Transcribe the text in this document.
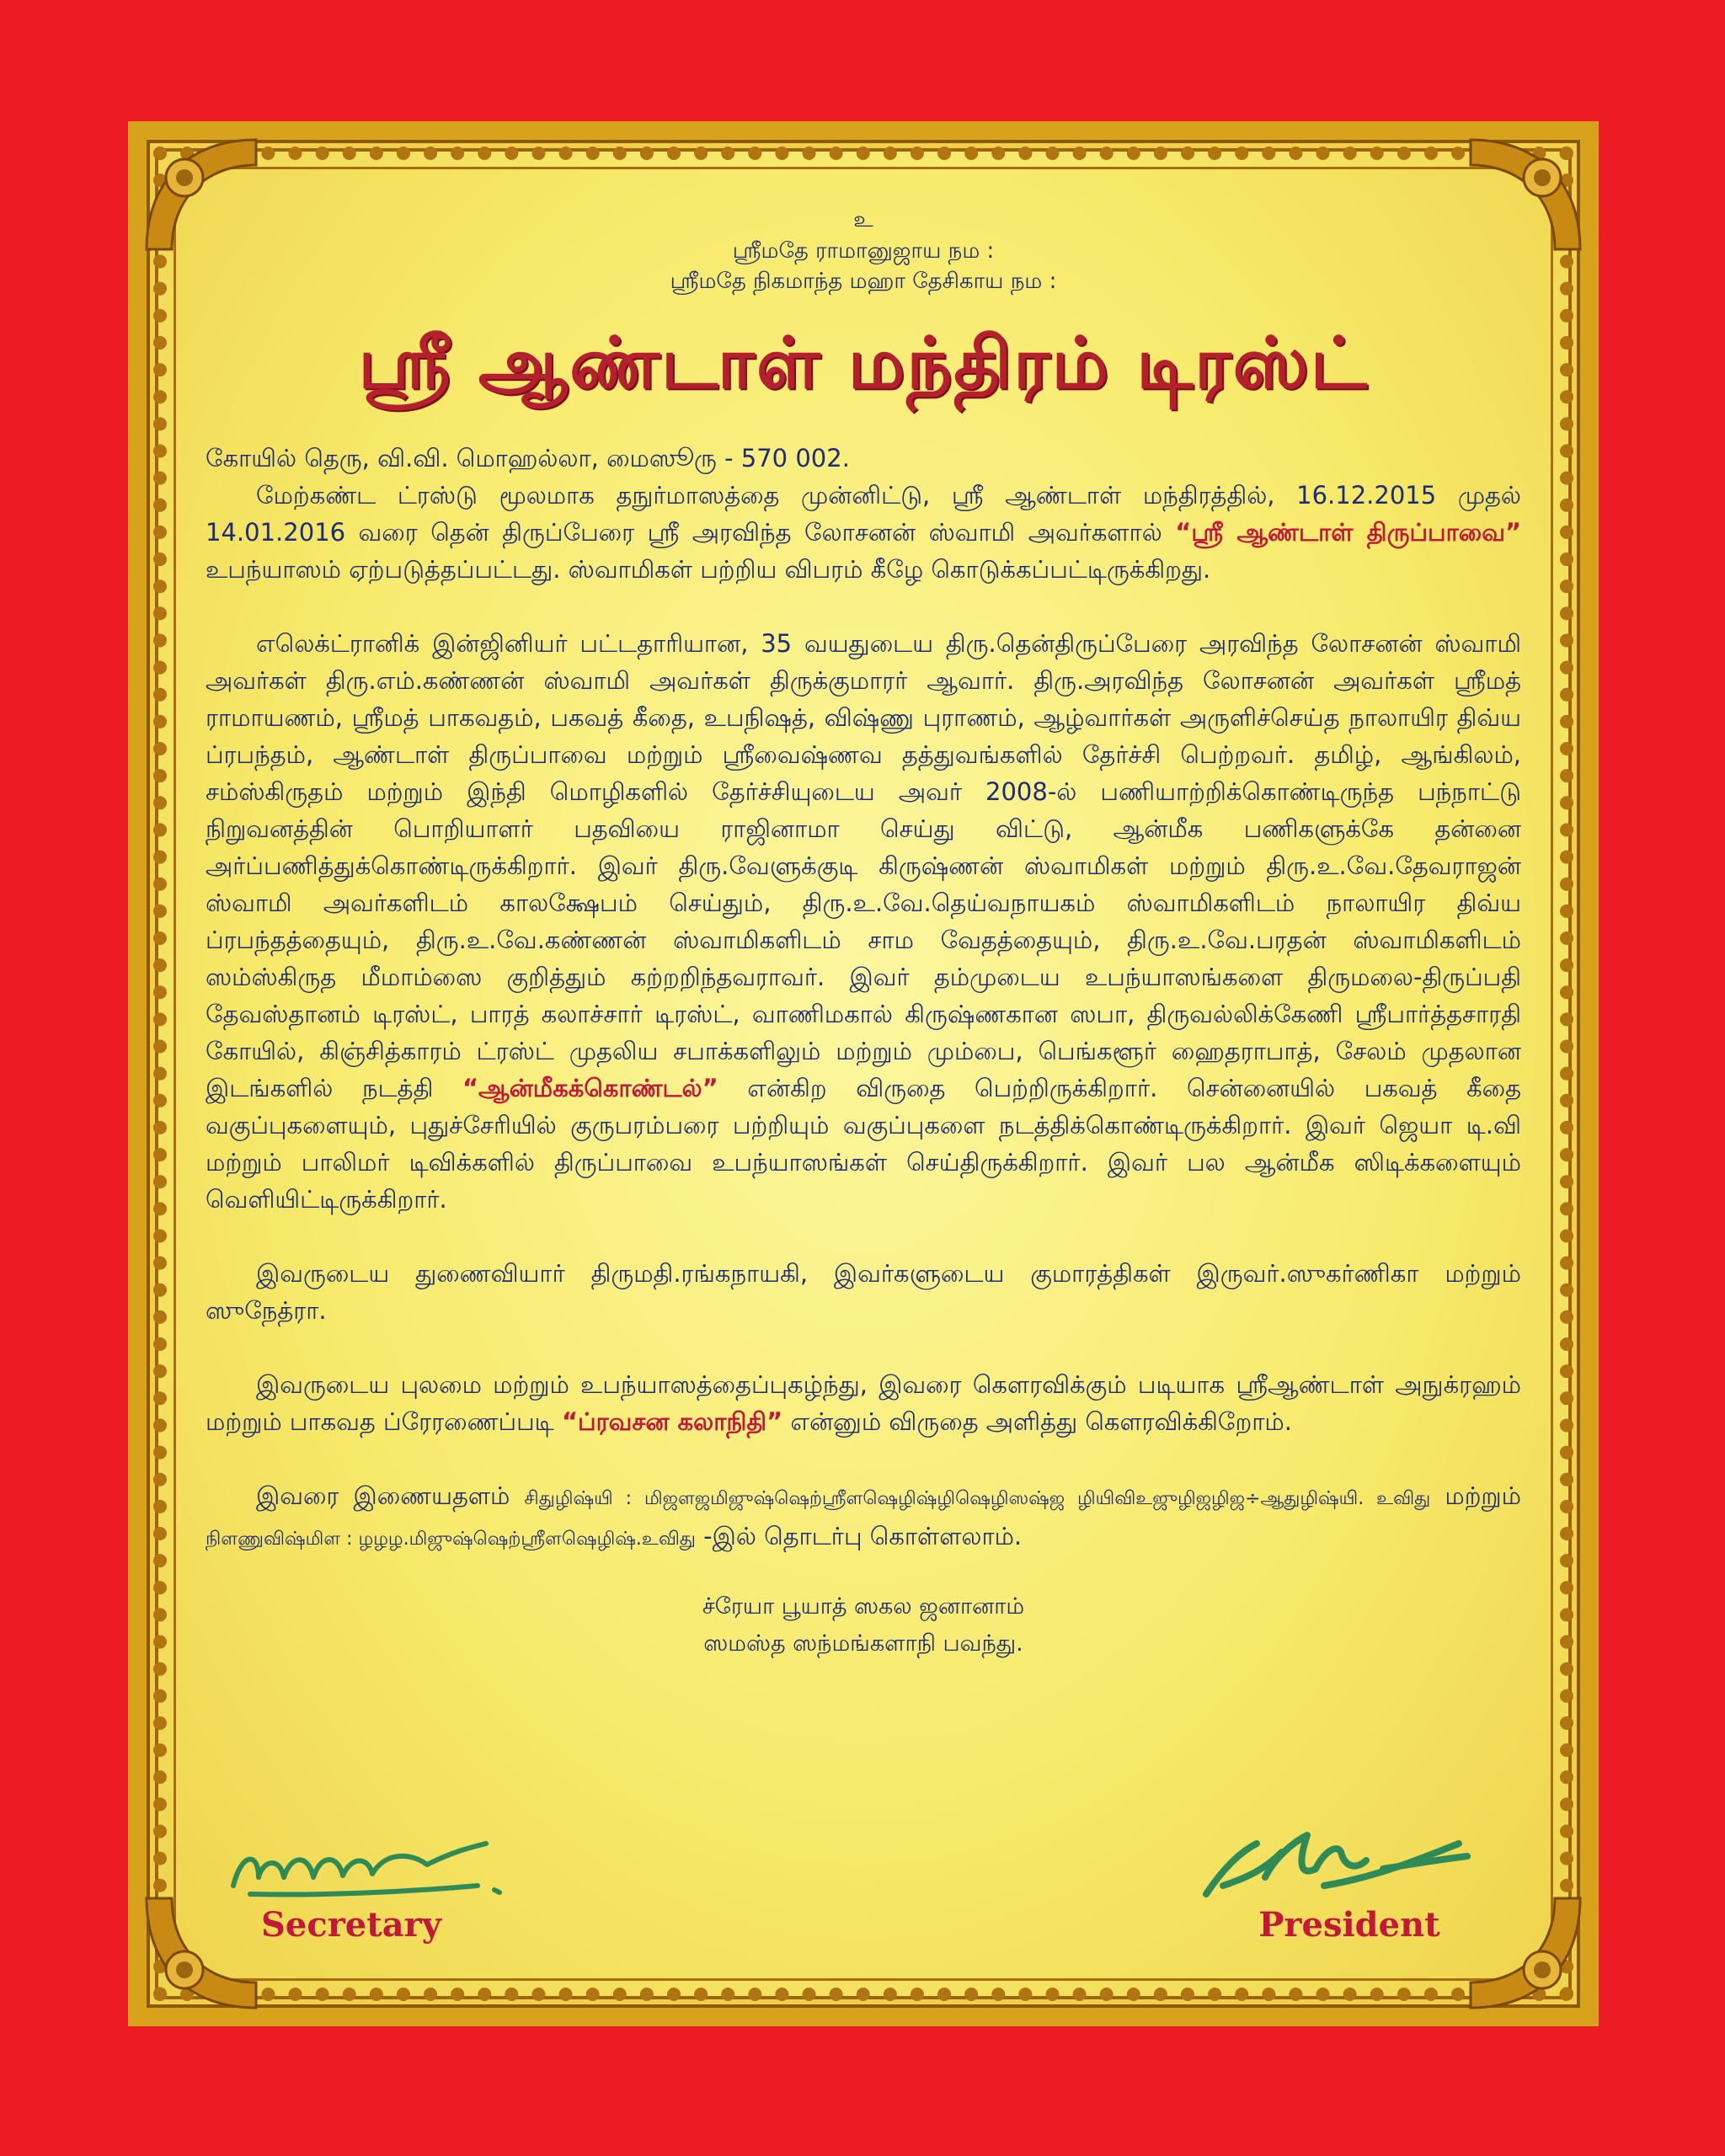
உ
ஸ்ரீமதே ராமானுஜாய நம :
ஸ்ரீமதே நிகமாந்த மஹா தேசிகாய நம :
ஸ்ரீ ஆண்டாள் மந்திரம் டிரஸ்ட்

கோயில் தெரு, வி.வி. மொஹல்லா, மைஸூரு - 570 002.

மேற்கண்ட ட்ரஸ்டு மூலமாக தநுர்மாஸத்தை முன்னிட்டு, ஸ்ரீ ஆண்டாள் மந்திரத்தில், 16.12.2015 முதல் 14.01.2016 வரை தென் திருப்பேரை ஸ்ரீ அரவிந்த லோசனன் ஸ்வாமி அவர்களால் “ஸ்ரீ ஆண்டாள் திருப்பாவை” உபந்யாஸம் ஏற்படுத்தப்பட்டது. ஸ்வாமிகள் பற்றிய விபரம் கீழே கொடுக்கப்பட்டிருக்கிறது.

எலெக்ட்ரானிக் இன்ஜினியர் பட்டதாரியான, 35 வயதுடைய திரு.தென்திருப்பேரை அரவிந்த லோசனன் ஸ்வாமி அவர்கள் திரு.எம்.கண்ணன் ஸ்வாமி அவர்கள் திருக்குமாரர் ஆவார். திரு.அரவிந்த லோசனன் அவர்கள் ஸ்ரீமத் ராமாயணம், ஸ்ரீமத் பாகவதம், பகவத் கீதை, உபநிஷத், விஷ்ணு புராணம், ஆழ்வார்கள் அருளிச்செய்த நாலாயிர திவ்ய ப்ரபந்தம், ஆண்டாள் திருப்பாவை மற்றும் ஸ்ரீவைஷ்ணவ தத்துவங்களில் தேர்ச்சி பெற்றவர். தமிழ், ஆங்கிலம், சம்ஸ்கிருதம் மற்றும் இந்தி மொழிகளில் தேர்ச்சியுடைய அவர் 2008-ல் பணியாற்றிக்கொண்டிருந்த பந்நாட்டு நிறுவனத்தின் பொறியாளர் பதவியை ராஜினாமா செய்து விட்டு, ஆன்மீக பணிகளுக்கே தன்னை அர்ப்பணித்துக்கொண்டிருக்கிறார். இவர் திரு.வேளுக்குடி கிருஷ்ணன் ஸ்வாமிகள் மற்றும் திரு.உ.வே.தேவராஜன் ஸ்வாமி அவர்களிடம் காலக்ஷேபம் செய்தும், திரு.உ.வே.தெய்வநாயகம் ஸ்வாமிகளிடம் நாலாயிர திவ்ய ப்ரபந்தத்தையும், திரு.உ.வே.கண்ணன் ஸ்வாமிகளிடம் சாம வேதத்தையும், திரு.உ.வே.பரதன் ஸ்வாமிகளிடம் ஸம்ஸ்கிருத மீமாம்ஸை குறித்தும் கற்றறிந்தவராவர். இவர் தம்முடைய உபந்யாஸங்களை திருமலை-திருப்பதி தேவஸ்தானம் டிரஸ்ட், பாரத் கலாச்சார் டிரஸ்ட், வாணிமகால் கிருஷ்ணகான ஸபா, திருவல்லிக்கேணி ஸ்ரீபார்த்தசாரதி கோயில், கிஞ்சித்காரம் ட்ரஸ்ட் முதலிய சபாக்களிலும் மற்றும் மும்பை, பெங்களூர் ஹைதராபாத், சேலம் முதலான இடங்களில் நடத்தி “ஆன்மீகக்கொண்டல்” என்கிற விருதை பெற்றிருக்கிறார். சென்னையில் பகவத் கீதை வகுப்புகளையும், புதுச்சேரியில் குருபரம்பரை பற்றியும் வகுப்புகளை நடத்திக்கொண்டிருக்கிறார். இவர் ஜெயா டி.வி மற்றும் பாலிமர் டிவிக்களில் திருப்பாவை உபந்யாஸங்கள் செய்திருக்கிறார். இவர் பல ஆன்மீக ஸிடிக்களையும் வெளியிட்டிருக்கிறார்.

இவருடைய துணைவியார் திருமதி.ரங்கநாயகி, இவர்களுடைய குமாரத்திகள் இருவர்.ஸுகர்ணிகா மற்றும் ஸுநேத்ரா.

இவருடைய புலமை மற்றும் உபந்யாஸத்தைப்புகழ்ந்து, இவரை கௌரவிக்கும் படியாக ஸ்ரீஆண்டாள் அநுக்ரஹம் மற்றும் பாகவத ப்ரேரணைப்படி “ப்ரவசன கலாநிதி” என்னும் விருதை அளித்து கௌரவிக்கிறோம்.

இவரை இணையதளம் சிதுழிஷ்யி : மிஜளஜமிஜுஷ்ஷெற்ஸ்ரீளஷெழிஷ்ழிஷெழிஸஷ்ஜ ழியிவிஉஜுழிஜழிஜ÷ஆதுழிஷ்யி. உவிது மற்றும் நிளணுவிஷ்மிள : ழழழ.மிஜுஷ்ஷெற்ஸ்ரீளஷெழிஷ்.உவிது -இல் தொடர்பு கொள்ளலாம்.

ச்ரேயா பூயாத் ஸகல ஜனானாம்
ஸமஸ்த ஸந்மங்களாநி பவந்து.
Secretary	President
